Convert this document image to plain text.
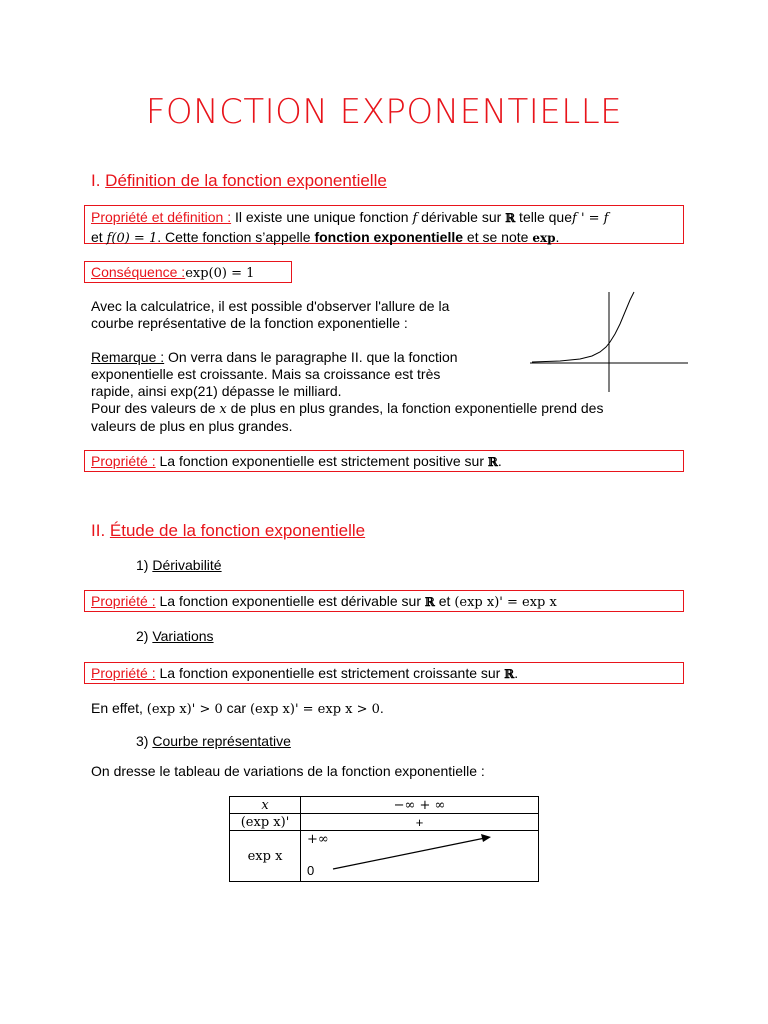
FONCTION EXPONENTIELLE
I. Définition de la fonction exponentielle
Propriété et définition : Il existe une unique fonction f dérivable sur ℝ telle quef ' = f
et f(0) = 1. Cette fonction s’appelle fonction exponentielle et se note exp.
Conséquence :exp(0) = 1
Avec la calculatrice, il est possible d'observer l'allure de la
courbe représentative de la fonction exponentielle :
Remarque : On verra dans le paragraphe II. que la fonction
exponentielle est croissante. Mais sa croissance est très
rapide, ainsi exp(21) dépasse le milliard.
Pour des valeurs de x de plus en plus grandes, la fonction exponentielle prend des
valeurs de plus en plus grandes.
Propriété : La fonction exponentielle est strictement positive sur ℝ.
II. Étude de la fonction exponentielle
1) Dérivabilité
Propriété : La fonction exponentielle est dérivable sur ℝ et (exp x)' = exp x
2) Variations
Propriété : La fonction exponentielle est strictement croissante sur ℝ.
En effet, (exp x)' > 0 car (exp x)' = exp x > 0.
3) Courbe représentative
On dresse le tableau de variations de la fonction exponentielle :
x	−∞ + ∞
(exp x)'	+
exp x	+∞
0
